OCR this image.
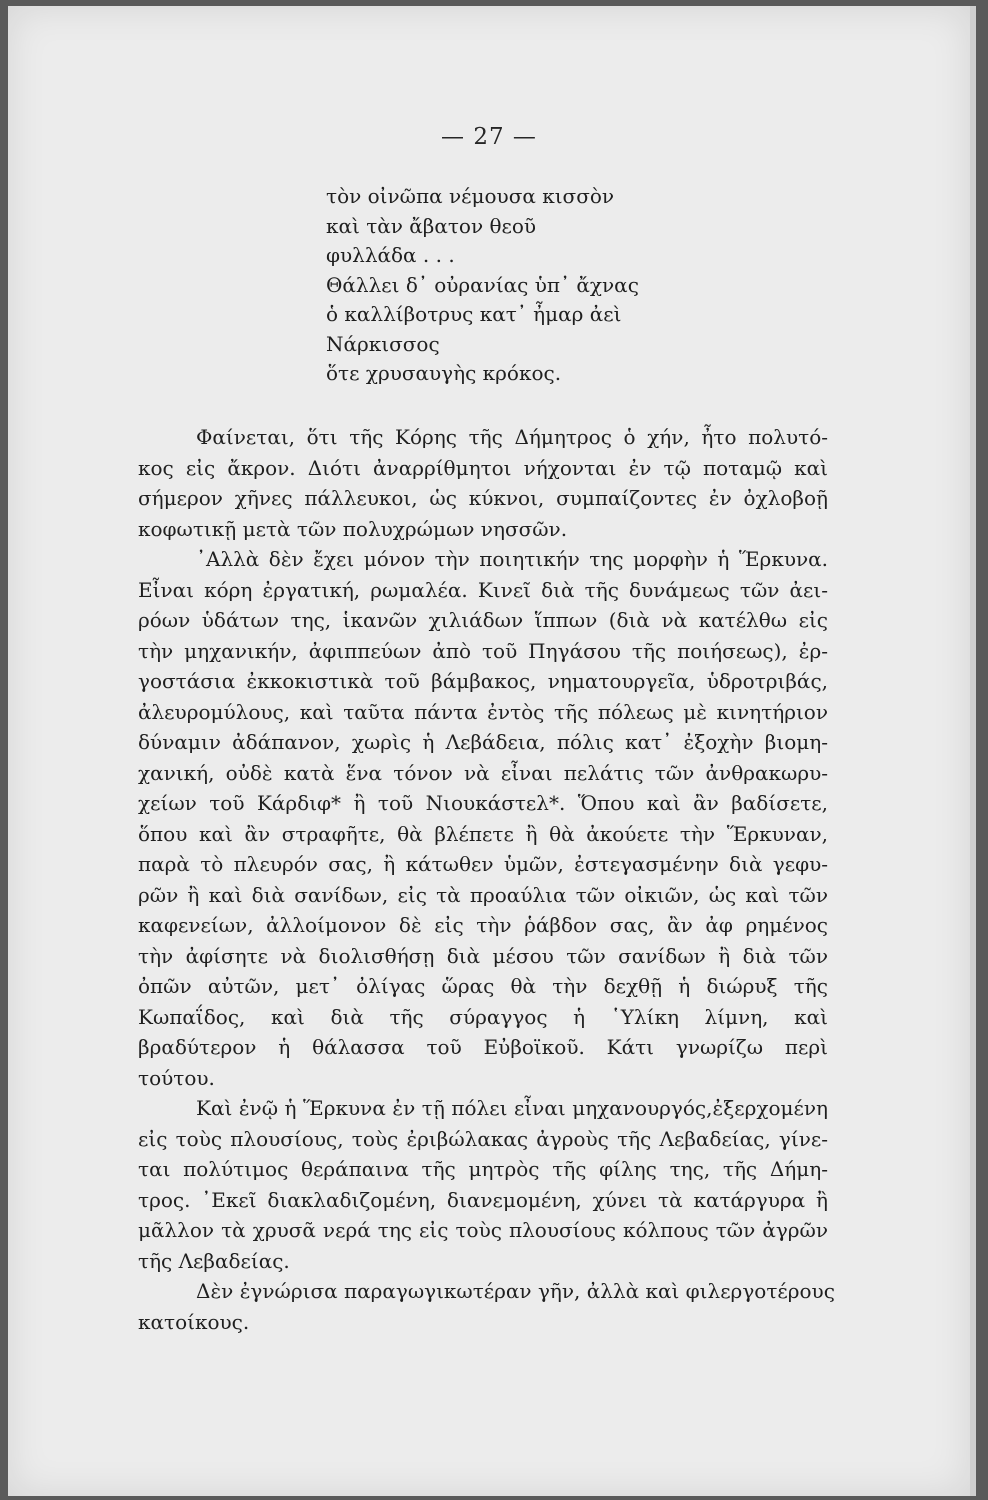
— 27 —
τὸν οἰνῶπα νέμουσα κισσὸν
καὶ τὰν ἄβατον θεοῦ
φυλλάδα . . .
Θάλλει δ᾽ οὐρανίας ὑπ᾽ ἄχνας
ὁ καλλίβοτρυς κατ᾽ ἦμαρ ἀεὶ
Νάρκισσος
ὅτε χρυσαυγὴς κρόκος.
Φαίνεται, ὅτι τῆς Κόρης τῆς Δήμητρος ὁ χήν, ἦτο πολυτό-
κος εἰς ἄκρον. Διότι ἀναρρίθμητοι νήχονται ἐν τῷ ποταμῷ καὶ
σήμερον χῆνες πάλλευκοι, ὡς κύκνοι, συμπαίζοντες ἐν ὀχλοβοῇ
κοφωτικῇ μετὰ τῶν πολυχρώμων νησσῶν.
᾿Αλλὰ δὲν ἔχει μόνον τὴν ποιητικήν της μορφὴν ἡ Ἕρκυνα.
Εἶναι κόρη ἐργατική, ρωμαλέα. Κινεῖ διὰ τῆς δυνάμεως τῶν ἀει-
ρόων ὑδάτων της, ἱκανῶν χιλιάδων ἵππων (διὰ νὰ κατέλθω εἰς
τὴν μηχανικήν, ἀφιππεύων ἀπὸ τοῦ Πηγάσου τῆς ποιήσεως), ἐρ-
γοστάσια ἐκκοκιστικὰ τοῦ βάμβακος, νηματουργεῖα, ὑδροτριβάς,
ἀλευρομύλους, καὶ ταῦτα πάντα ἐντὸς τῆς πόλεως μὲ κινητήριον
δύναμιν ἀδάπανον, χωρὶς ἡ Λεβάδεια, πόλις κατ᾽ ἐξοχὴν βιομη-
χανική, οὐδὲ κατὰ ἕνα τόνον νὰ εἶναι πελάτις τῶν ἀνθρακωρυ-
χείων τοῦ Κάρδιφ* ἢ τοῦ Νιουκάστελ*. Ὅπου καὶ ἂν βαδίσετε,
ὅπου καὶ ἂν στραφῆτε, θὰ βλέπετε ἢ θὰ ἀκούετε τὴν Ἕρκυναν,
παρὰ τὸ πλευρόν σας, ἢ κάτωθεν ὑμῶν, ἐστεγασμένην διὰ γεφυ-
ρῶν ἢ καὶ διὰ σανίδων, εἰς τὰ προαύλια τῶν οἰκιῶν, ὡς καὶ τῶν
καφενείων, ἀλλοίμονον δὲ εἰς τὴν ῥάβδον σας, ἂν ἀφ ρημένος
τὴν ἀφίσητε νὰ διολισθήσῃ διὰ μέσου τῶν σανίδων ἢ διὰ τῶν
ὀπῶν αὐτῶν, μετ᾽ ὀλίγας ὥρας θὰ τὴν δεχθῇ ἡ διώρυξ τῆς
Κωπαΐδος, καὶ διὰ τῆς σύραγγος ἡ ῾Υλίκη λίμνη, καὶ
βραδύτερον ἡ θάλασσα τοῦ Εὐβοϊκοῦ. Κάτι γνωρίζω περὶ
τούτου.
Καὶ ἐνῷ ἡ Ἕρκυνα ἐν τῇ πόλει εἶναι μηχανουργός,ἐξερχομένη
εἰς τοὺς πλουσίους, τοὺς ἐριβώλακας ἀγροὺς τῆς Λεβαδείας, γίνε-
ται πολύτιμος θεράπαινα τῆς μητρὸς τῆς φίλης της, τῆς Δήμη-
τρος. ᾿Εκεῖ διακλαδιζομένη, διανεμομένη, χύνει τὰ κατάργυρα ἢ
μᾶλλον τὰ χρυσᾶ νερά της εἰς τοὺς πλουσίους κόλπους τῶν ἀγρῶν
τῆς Λεβαδείας.
Δὲν ἐγνώρισα παραγωγικωτέραν γῆν, ἀλλὰ καὶ φιλεργοτέρους
κατοίκους.
